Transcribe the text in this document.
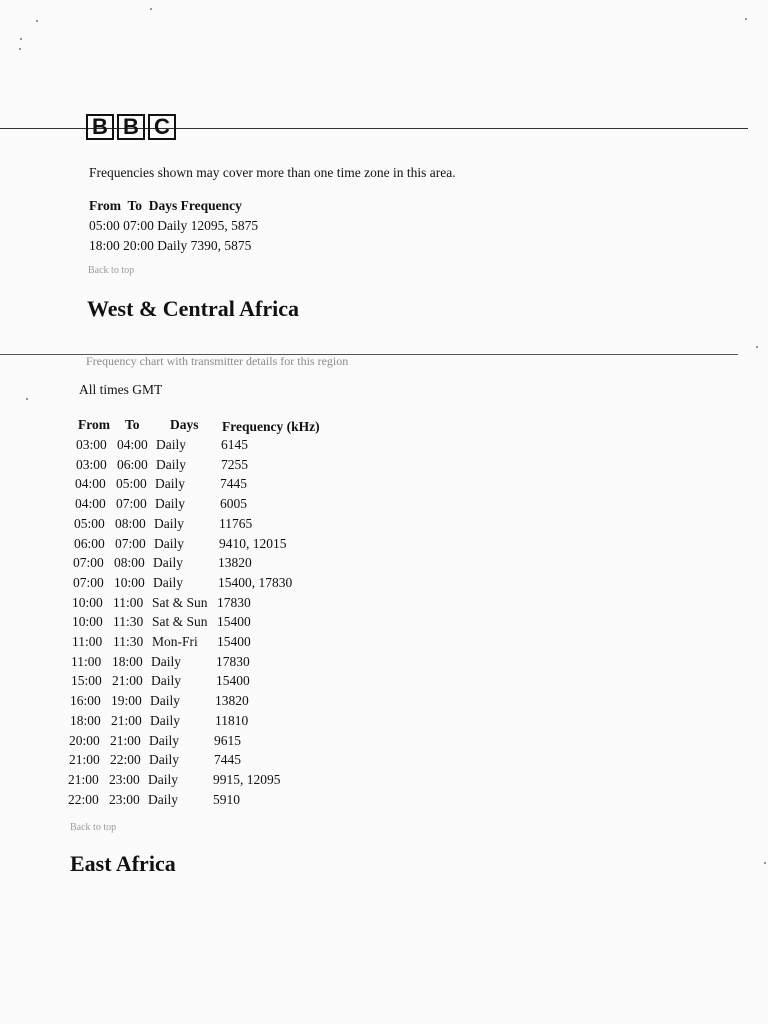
B B C
Frequencies shown may cover more than one time zone in this area.
From  To  Days Frequency
05:00 07:00 Daily 12095, 5875
18:00 20:00 Daily 7390, 5875
Back to top
West & Central Africa
Frequency chart with transmitter details for this region
All times GMT
From To Days Frequency (kHz)
03:00 04:00 Daily	6145
03:00 06:00 Daily	7255
04:00 05:00 Daily	7445
04:00 07:00 Daily	6005
05:00 08:00 Daily	11765
06:00 07:00 Daily	9410, 12015
07:00 08:00 Daily	13820
07:00 10:00 Daily	15400, 17830
10:00 11:00 Sat & Sun 17830
10:00 11:30 Sat & Sun 15400
11:00 11:30 Mon-Fri 15400
11:00 18:00 Daily	17830
15:00 21:00 Daily	15400
16:00 19:00 Daily	13820
18:00 21:00 Daily	11810
20:00 21:00 Daily	9615
21:00 22:00 Daily	7445
21:00 23:00 Daily	9915, 12095
22:00 23:00 Daily	5910
Back to top
East Africa
